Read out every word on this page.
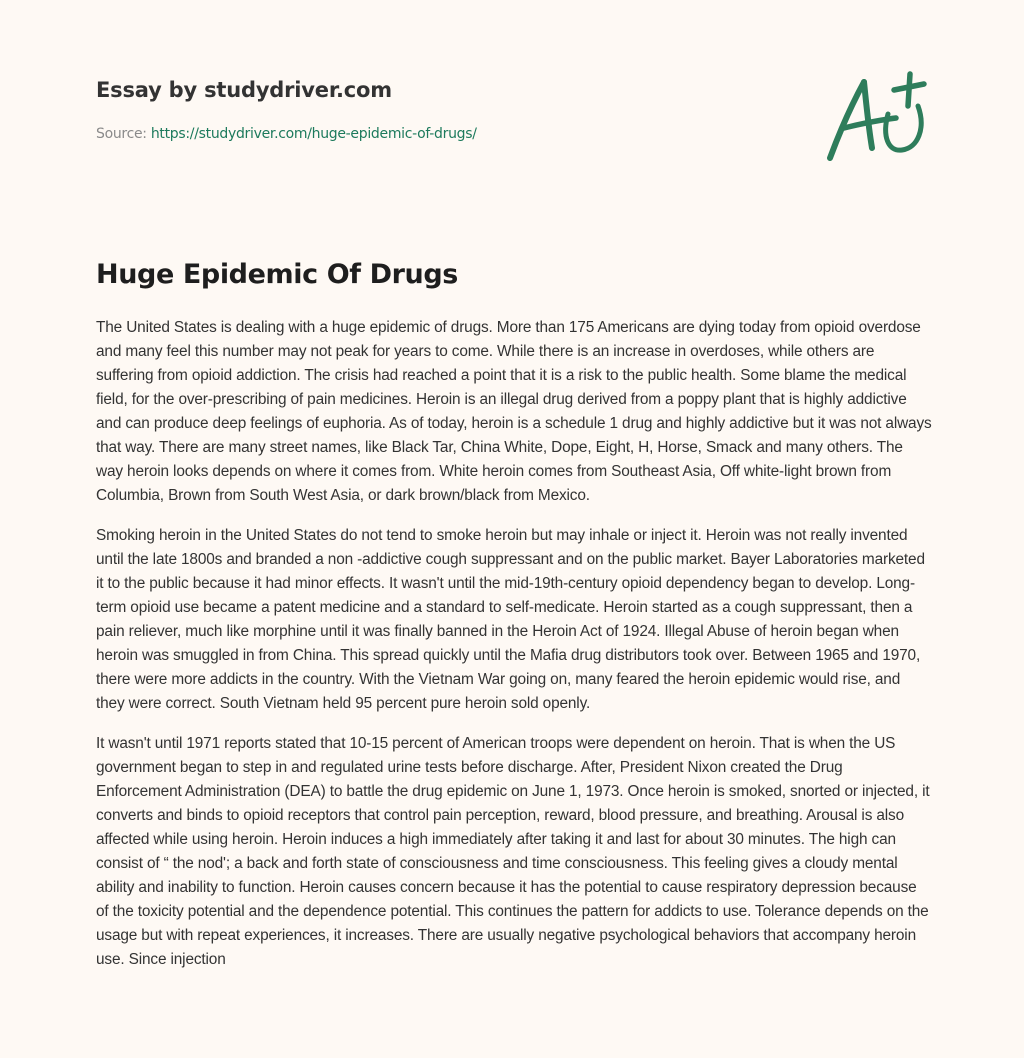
Essay by studydriver.com
Source: https://studydriver.com/huge-epidemic-of-drugs/
Huge Epidemic Of Drugs

The United States is dealing with a huge epidemic of drugs. More than 175 Americans are dying today from opioid overdose and many feel this number may not peak for years to come. While there is an increase in overdoses, while others are suffering from opioid addiction. The crisis had reached a point that it is a risk to the public health. Some blame the medical field, for the over-prescribing of pain medicines. Heroin is an illegal drug derived from a poppy plant that is highly addictive and can produce deep feelings of euphoria. As of today, heroin is a schedule 1 drug and highly addictive but it was not always that way. There are many street names, like Black Tar, China White, Dope, Eight, H, Horse, Smack and many others. The way heroin looks depends on where it comes from. White heroin comes from Southeast Asia, Off white-light brown from Columbia, Brown from South West Asia, or dark brown/black from Mexico.

Smoking heroin in the United States do not tend to smoke heroin but may inhale or inject it. Heroin was not really invented until the late 1800s and branded a non -addictive cough suppressant and on the public market. Bayer Laboratories marketed it to the public because it had minor effects. It wasn't until the mid-19th-century opioid dependency began to develop. Long-term opioid use became a patent medicine and a standard to self-medicate. Heroin started as a cough suppressant, then a pain reliever, much like morphine until it was finally banned in the Heroin Act of 1924. Illegal Abuse of heroin began when heroin was smuggled in from China. This spread quickly until the Mafia drug distributors took over. Between 1965 and 1970, there were more addicts in the country. With the Vietnam War going on, many feared the heroin epidemic would rise, and they were correct. South Vietnam held 95 percent pure heroin sold openly.

It wasn't until 1971 reports stated that 10-15 percent of American troops were dependent on heroin. That is when the US government began to step in and regulated urine tests before discharge. After, President Nixon created the Drug Enforcement Administration (DEA) to battle the drug epidemic on June 1, 1973. Once heroin is smoked, snorted or injected, it converts and binds to opioid receptors that control pain perception, reward, blood pressure, and breathing. Arousal is also affected while using heroin. Heroin induces a high immediately after taking it and last for about 30 minutes. The high can consist of “ the nod'; a back and forth state of consciousness and time consciousness. This feeling gives a cloudy mental ability and inability to function. Heroin causes concern because it has the potential to cause respiratory depression because of the toxicity potential and the dependence potential. This continues the pattern for addicts to use. Tolerance depends on the usage but with repeat experiences, it increases. There are usually negative psychological behaviors that accompany heroin use. Since injection
